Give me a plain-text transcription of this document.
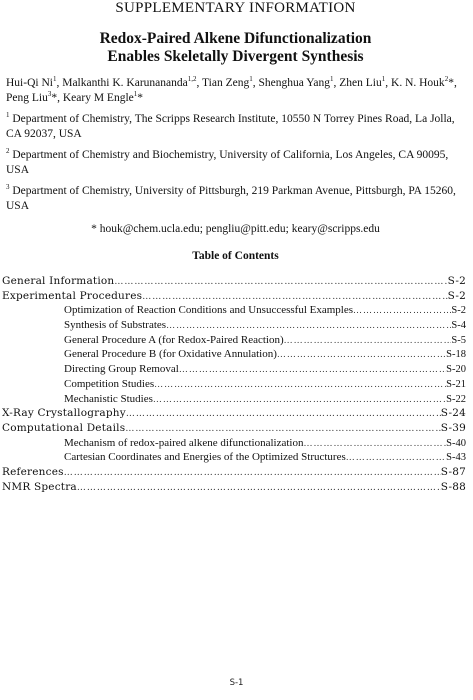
SUPPLEMENTARY INFORMATION
Redox-Paired Alkene Difunctionalization
Enables Skeletally Divergent Synthesis
Hui-Qi Ni$^1$, Malkanthi K. Karunananda$^{1,2}$, Tian Zeng$^1$, Shenghua Yang$^1$, Zhen Liu$^1$, K. N. Houk$^2$*, Peng Liu$^3$*, Keary M Engle$^1$*
$^1$ Department of Chemistry, The Scripps Research Institute, 10550 N Torrey Pines Road, La Jolla, CA 92037, USA
$^2$ Department of Chemistry and Biochemistry, University of California, Los Angeles, CA 90095, USA
$^3$ Department of Chemistry, University of Pittsburgh, 219 Parkman Avenue, Pittsburgh, PA 15260, USA
* houk@chem.ucla.edu; pengliu@pitt.edu; keary@scripps.edu
Table of Contents
General Information ……………………………………………………………………………………………………………………………………………	S-2
Experimental Procedures ……………………………………………………………………………………………………………………………………………	S-2
Optimization of Reaction Conditions and Unsuccessful Examples ……………………………………………………………………………………………………………………………………………	S-2
Synthesis of Substrates ……………………………………………………………………………………………………………………………………………	S-4
General Procedure A (for Redox-Paired Reaction) ……………………………………………………………………………………………………………………………………………	S-5
General Procedure B (for Oxidative Annulation) ……………………………………………………………………………………………………………………………………………	S-18
Directing Group Removal ……………………………………………………………………………………………………………………………………………	S-20
Competition Studies ……………………………………………………………………………………………………………………………………………	S-21
Mechanistic Studies ……………………………………………………………………………………………………………………………………………	S-22
X-Ray Crystallography ……………………………………………………………………………………………………………………………………………	S-24
Computational Details ……………………………………………………………………………………………………………………………………………	S-39
Mechanism of redox-paired alkene difunctionalization ……………………………………………………………………………………………………………………………………………	S-40
Cartesian Coordinates and Energies of the Optimized Structures ……………………………………………………………………………………………………………………………………………	S-43
References ……………………………………………………………………………………………………………………………………………	S-87
NMR Spectra ……………………………………………………………………………………………………………………………………………	S-88
S-1
